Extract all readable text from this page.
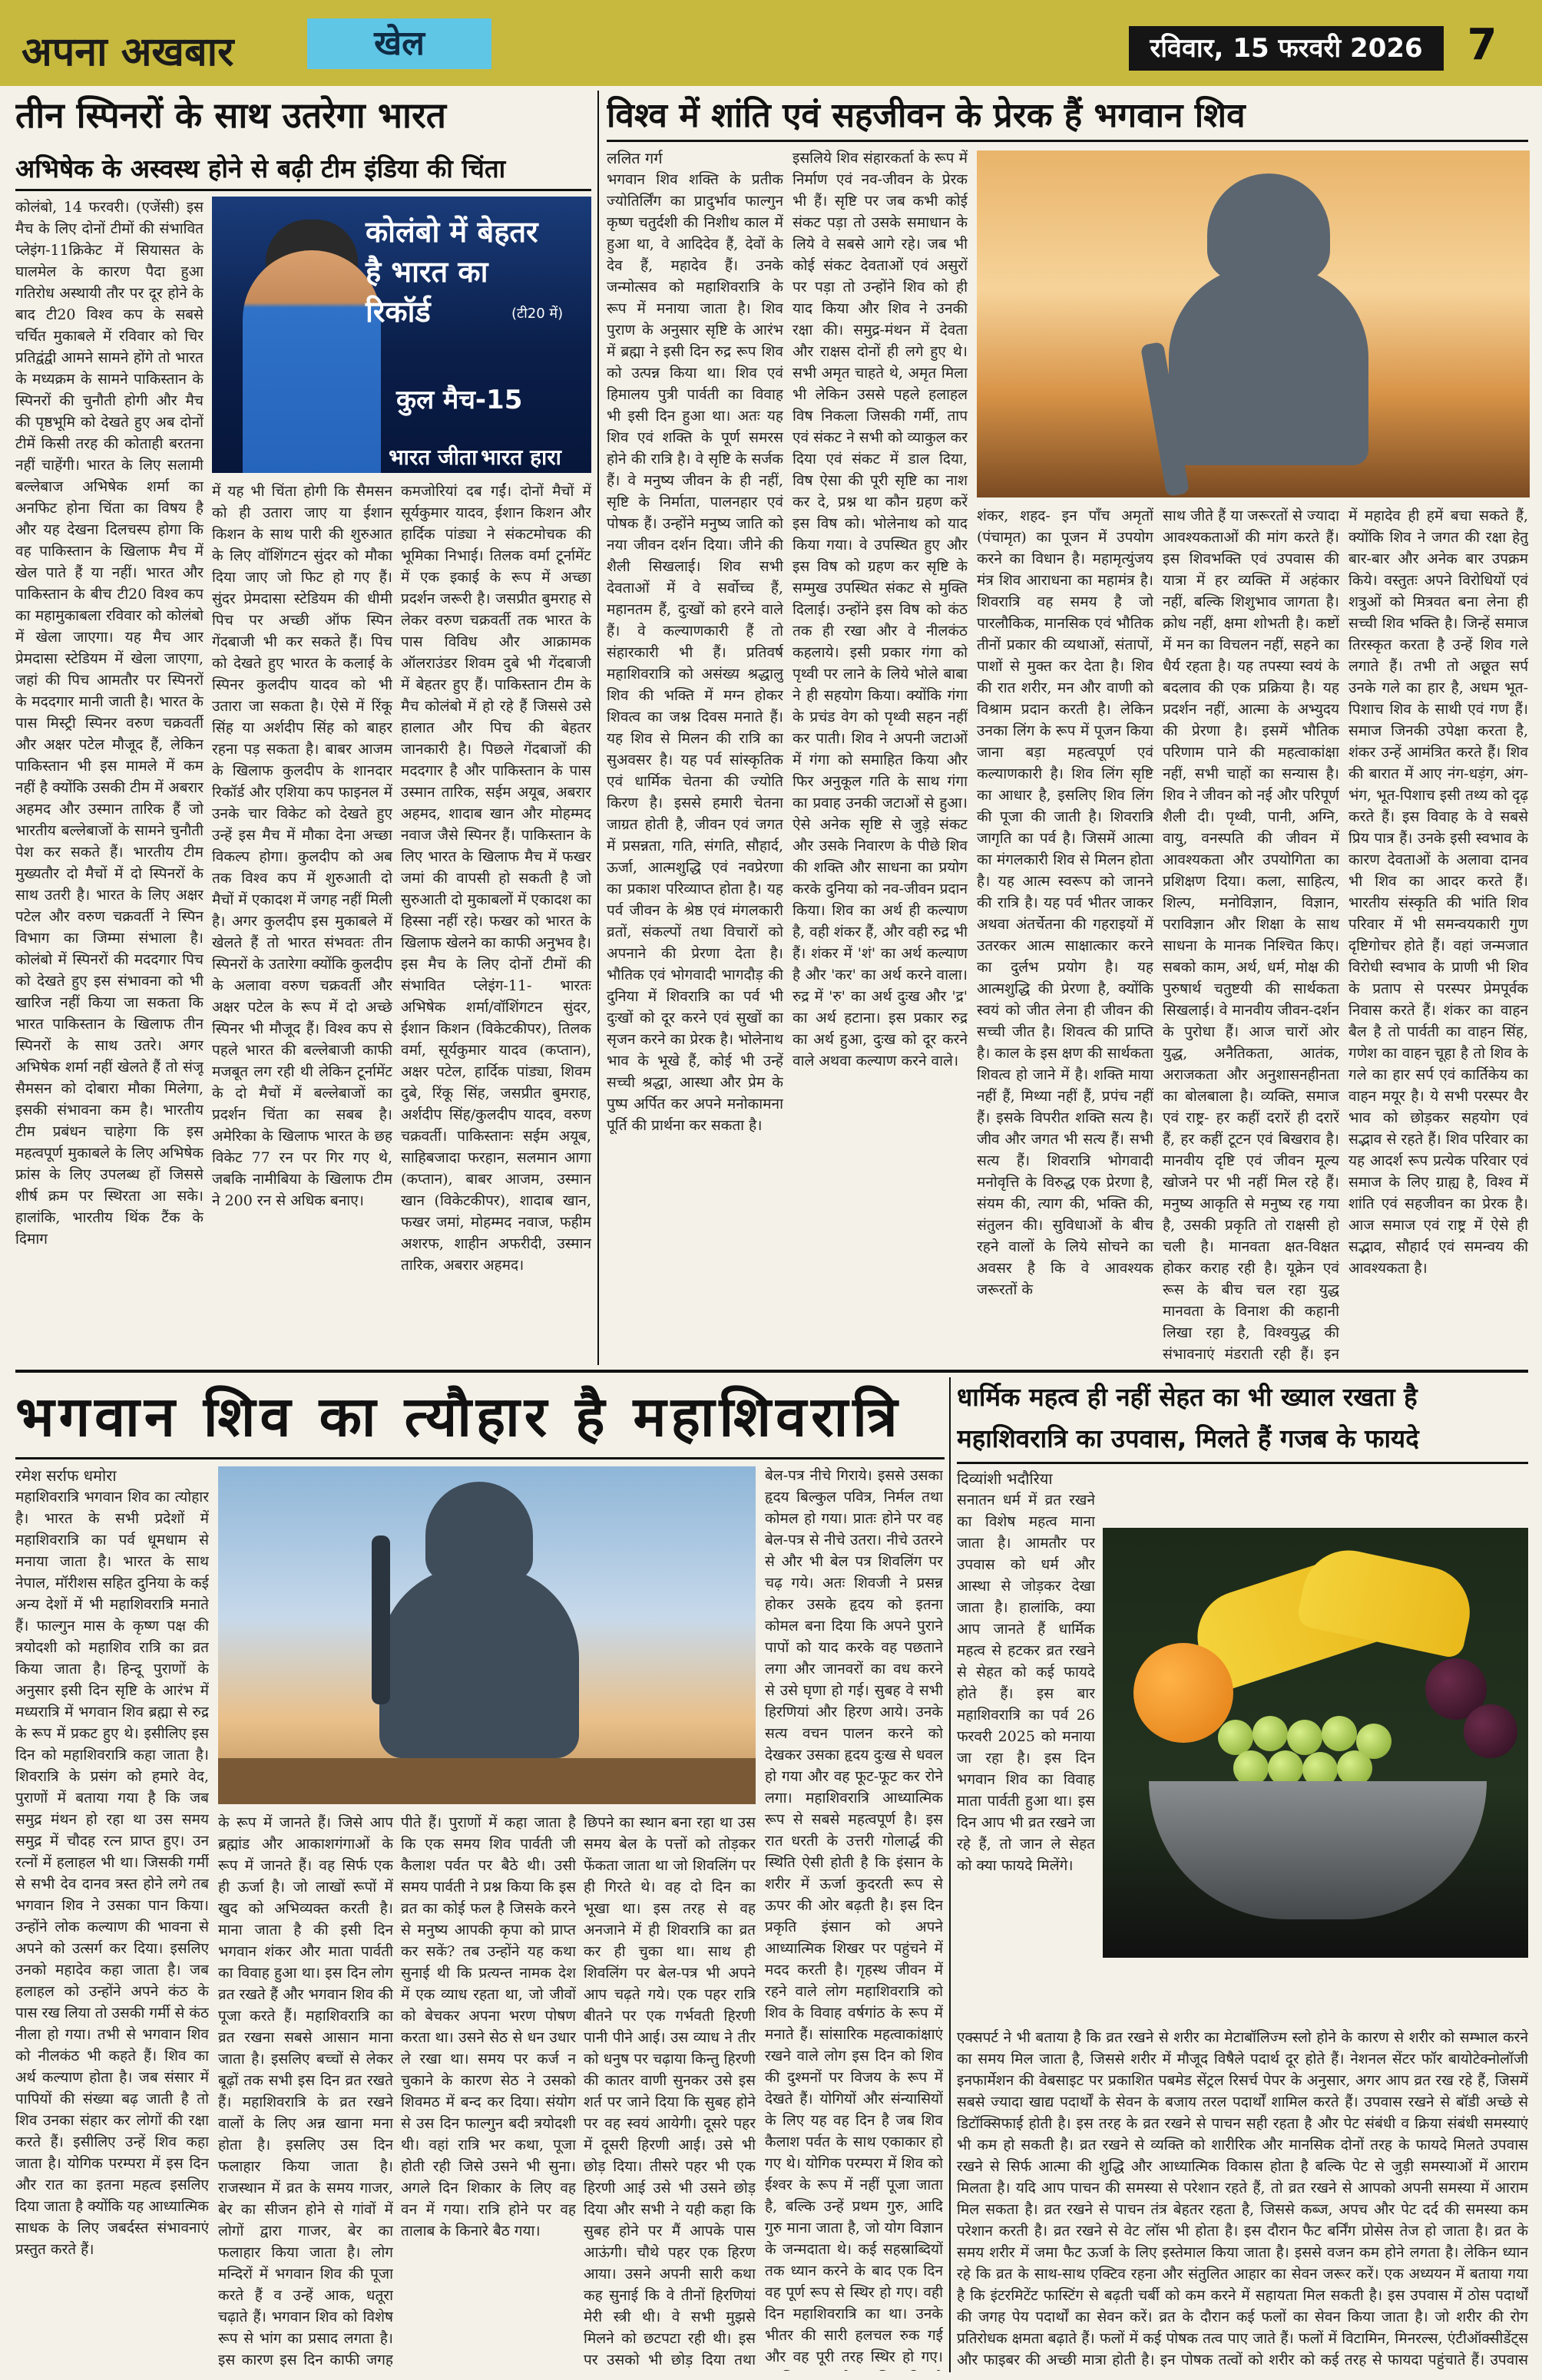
अपना अखबार	खेल	रविवार, 15 फरवरी 2026	7
तीन स्पिनरों के साथ उतरेगा भारत
अभिषेक के अस्वस्थ होने से बढ़ी टीम इंडिया की चिंता
कोलंबो, 14 फरवरी। (एजेंसी) इस मैच के लिए दोनों टीमों की संभावित प्लेइंग-11क्रिकेट में सियासत के घालमेल के कारण पैदा हुआ गतिरोध अस्थायी तौर पर दूर होने के बाद टी20 विश्व कप के सबसे चर्चित मुकाबले में रविवार को चिर प्रतिद्वंद्वी आमने सामने होंगे तो भारत के मध्यक्रम के सामने पाकिस्तान के स्पिनरों की चुनौती होगी और मैच की पृष्ठभूमि को देखते हुए अब दोनों टीमें किसी तरह की कोताही बरतना नहीं चाहेंगी। भारत के लिए सलामी बल्लेबाज अभिषेक शर्मा का अनफिट होना चिंता का विषय है और यह देखना दिलचस्प होगा कि वह पाकिस्तान के खिलाफ मैच में खेल पाते हैं या नहीं। भारत और पाकिस्तान के बीच टी20 विश्व कप का महामुकाबला रविवार को कोलंबो में खेला जाएगा। यह मैच आर प्रेमदासा स्टेडियम में खेला जाएगा, जहां की पिच आमतौर पर स्पिनरों के मददगार मानी जाती है। भारत के पास मिस्ट्री स्पिनर वरुण चक्रवर्ती और अक्षर पटेल मौजूद हैं, लेकिन पाकिस्तान भी इस मामले में कम नहीं है क्योंकि उसकी टीम में अबरार अहमद और उस्मान तारिक हैं जो भारतीय बल्लेबाजों के सामने चुनौती पेश कर सकते हैं। भारतीय टीम मुख्यतौर दो मैचों में दो स्पिनरों के साथ उतरी है। भारत के लिए अक्षर पटेल और वरुण चक्रवर्ती ने स्पिन विभाग का जिम्मा संभाला है। कोलंबो में स्पिनरों की मददगार पिच को देखते हुए इस संभावना को भी खारिज नहीं किया जा सकता कि भारत पाकिस्तान के खिलाफ तीन स्पिनरों के साथ उतरे। अगर अभिषेक शर्मा नहीं खेलते हैं तो संजू सैमसन को दोबारा मौका मिलेगा, इसकी संभावना कम है। भारतीय टीम प्रबंधन चाहेगा कि इस महत्वपूर्ण मुकाबले के लिए अभिषेक फ्रांस के लिए उपलब्ध हों जिससे शीर्ष क्रम पर स्थिरता आ सके। हालांकि, भारतीय थिंक टैंक के दिमाग
कोलंबो में बेहतर है भारत का रिकॉर्ड	(टी20 में)
कुल मैच-15
भारत जीता भारत हारा
में यह भी चिंता होगी कि सैमसन को ही उतारा जाए या ईशान किशन के साथ पारी की शुरुआत के लिए वॉशिंगटन सुंदर को मौका दिया जाए जो फिट हो गए हैं। सुंदर प्रेमदासा स्टेडियम की धीमी पिच पर अच्छी ऑफ स्पिन गेंदबाजी भी कर सकते हैं। पिच को देखते हुए भारत के कलाई के स्पिनर कुलदीप यादव को भी उतारा जा सकता है। ऐसे में रिंकू सिंह या अर्शदीप सिंह को बाहर रहना पड़ सकता है। बाबर आजम के खिलाफ कुलदीप के शानदार रिकॉर्ड और एशिया कप फाइनल में उनके चार विकेट को देखते हुए उन्हें इस मैच में मौका देना अच्छा विकल्प होगा। कुलदीप को अब तक विश्व कप में शुरुआती दो मैचों में एकादश में जगह नहीं मिली है। अगर कुलदीप इस मुकाबले में खेलते हैं तो भारत संभवतः तीन स्पिनरों के उतारेगा क्योंकि कुलदीप के अलावा वरुण चक्रवर्ती और अक्षर पटेल के रूप में दो अच्छे स्पिनर भी मौजूद हैं। विश्व कप से पहले भारत की बल्लेबाजी काफी मजबूत लग रही थी लेकिन टूर्नामेंट के दो मैचों में बल्लेबाजों का प्रदर्शन चिंता का सबब है। अमेरिका के खिलाफ भारत के छह विकेट 77 रन पर गिर गए थे, जबकि नामीबिया के खिलाफ टीम ने 200 रन से अधिक बनाए।
कमजोरियां दब गईं। दोनों मैचों में सूर्यकुमार यादव, ईशान किशन और हार्दिक पांड्या ने संकटमोचक की भूमिका निभाई। तिलक वर्मा टूर्नामेंट में एक इकाई के रूप में अच्छा प्रदर्शन जरूरी है। जसप्रीत बुमराह से लेकर वरुण चक्रवर्ती तक भारत के पास विविध और आक्रामक ऑलराउंडर शिवम दुबे भी गेंदबाजी में बेहतर हुए हैं। पाकिस्तान टीम के मैच कोलंबो में हो रहे हैं जिससे उसे हालात और पिच की बेहतर जानकारी है। पिछले गेंदबाजों की मददगार है और पाकिस्तान के पास उस्मान तारिक, सईम अयूब, अबरार अहमद, शादाब खान और मोहम्मद नवाज जैसे स्पिनर हैं। पाकिस्तान के लिए भारत के खिलाफ मैच में फखर जमां की वापसी हो सकती है जो सुरुआती दो मुकाबलों में एकादश का हिस्सा नहीं रहे। फखर को भारत के खिलाफ खेलने का काफी अनुभव है। इस मैच के लिए दोनों टीमों की संभावित प्लेइंग-11- भारतः अभिषेक शर्मा/वॉशिंगटन सुंदर, ईशान किशन (विकेटकीपर), तिलक वर्मा, सूर्यकुमार यादव (कप्तान), अक्षर पटेल, हार्दिक पांड्या, शिवम दुबे, रिंकू सिंह, जसप्रीत बुमराह, अर्शदीप सिंह/कुलदीप यादव, वरुण चक्रवर्ती। पाकिस्तानः सईम अयूब, साहिबजादा फरहान, सलमान आगा (कप्तान), बाबर आजम, उस्मान खान (विकेटकीपर), शादाब खान, फखर जमां, मोहम्मद नवाज, फहीम अशरफ, शाहीन अफरीदी, उस्मान तारिक, अबरार अहमद।
विश्व में शांति एवं सहजीवन के प्रेरक हैं भगवान शिव
ललित गर्ग
भगवान शिव शक्ति के प्रतीक ज्योतिर्लिंग का प्रादुर्भाव फाल्गुन कृष्ण चतुर्दशी की निशीथ काल में हुआ था, वे आदिदेव हैं, देवों के देव हैं, महादेव हैं। उनके जन्मोत्सव को महाशिवरात्रि के रूप में मनाया जाता है। शिव पुराण के अनुसार सृष्टि के आरंभ में ब्रह्मा ने इसी दिन रुद्र रूप शिव को उत्पन्न किया था। शिव एवं हिमालय पुत्री पार्वती का विवाह भी इसी दिन हुआ था। अतः यह शिव एवं शक्ति के पूर्ण समरस होने की रात्रि है। वे सृष्टि के सर्जक हैं। वे मनुष्य जीवन के ही नहीं, सृष्टि के निर्माता, पालनहार एवं पोषक हैं। उन्होंने मनुष्य जाति को नया जीवन दर्शन दिया। जीने की शैली सिखलाई। शिव सभी देवताओं में वे सर्वोच्च हैं, महानतम हैं, दुःखों को हरने वाले हैं। वे कल्याणकारी हैं तो संहारकारी भी हैं। प्रतिवर्ष महाशिवरात्रि को असंख्य श्रद्धालु शिव की भक्ति में मग्न होकर शिवत्व का जश्न दिवस मनाते हैं। यह शिव से मिलन की रात्रि का सुअवसर है। यह पर्व सांस्कृतिक एवं धार्मिक चेतना की ज्योति किरण है। इससे हमारी चेतना जाग्रत होती है, जीवन एवं जगत में प्रसन्नता, गति, संगति, सौहार्द, ऊर्जा, आत्मशुद्धि एवं नवप्रेरणा का प्रकाश परिव्याप्त होता है। यह पर्व जीवन के श्रेष्ठ एवं मंगलकारी व्रतों, संकल्पों तथा विचारों को अपनाने की प्रेरणा देता है। भौतिक एवं भोगवादी भागदौड़ की दुनिया में शिवरात्रि का पर्व भी दुःखों को दूर करने एवं सुखों का सृजन करने का प्रेरक है। भोलेनाथ भाव के भूखे हैं, कोई भी उन्हें सच्ची श्रद्धा, आस्था और प्रेम के पुष्प अर्पित कर अपने मनोकामना पूर्ति की प्रार्थना कर सकता है।
इसलिये शिव संहारकर्ता के रूप में निर्माण एवं नव-जीवन के प्रेरक भी हैं। सृष्टि पर जब कभी कोई संकट पड़ा तो उसके समाधान के लिये वे सबसे आगे रहे। जब भी कोई संकट देवताओं एवं असुरों पर पड़ा तो उन्होंने शिव को ही याद किया और शिव ने उनकी रक्षा की। समुद्र-मंथन में देवता और राक्षस दोनों ही लगे हुए थे। सभी अमृत चाहते थे, अमृत मिला भी लेकिन उससे पहले हलाहल विष निकला जिसकी गर्मी, ताप एवं संकट ने सभी को व्याकुल कर दिया एवं संकट में डाल दिया, विष ऐसा की पूरी सृष्टि का नाश कर दे, प्रश्न था कौन ग्रहण करें इस विष को। भोलेनाथ को याद किया गया। वे उपस्थित हुए और इस विष को ग्रहण कर सृष्टि के सम्मुख उपस्थित संकट से मुक्ति दिलाई। उन्होंने इस विष को कंठ तक ही रखा और वे नीलकंठ कहलाये। इसी प्रकार गंगा को पृथ्वी पर लाने के लिये भोले बाबा ने ही सहयोग किया। क्योंकि गंगा के प्रचंड वेग को पृथ्वी सहन नहीं कर पाती। शिव ने अपनी जटाओं में गंगा को समाहित किया और फिर अनुकूल गति के साथ गंगा का प्रवाह उनकी जटाओं से हुआ। ऐसे अनेक सृष्टि से जुड़े संकट और उसके निवारण के पीछे शिव की शक्ति और साधना का प्रयोग करके दुनिया को नव-जीवन प्रदान किया। शिव का अर्थ ही कल्याण है, वही शंकर हैं, और वही रुद्र भी हैं। शंकर में 'शं' का अर्थ कल्याण है और 'कर' का अर्थ करने वाला। रुद्र में 'रु' का अर्थ दुःख और 'द्र' का अर्थ हटाना। इस प्रकार रुद्र का अर्थ हुआ, दुःख को दूर करने वाले अथवा कल्याण करने वाले।
शंकर, शहद- इन पाँच अमृतों (पंचामृत) का पूजन में उपयोग करने का विधान है। महामृत्युंजय मंत्र शिव आराधना का महामंत्र है। शिवरात्रि वह समय है जो पारलौकिक, मानसिक एवं भौतिक तीनों प्रकार की व्यथाओं, संतापों, पाशों से मुक्त कर देता है। शिव की रात शरीर, मन और वाणी को विश्राम प्रदान करती है। लेकिन उनका लिंग के रूप में पूजन किया जाना बड़ा महत्वपूर्ण एवं कल्याणकारी है। शिव लिंग सृष्टि का आधार है, इसलिए शिव लिंग की पूजा की जाती है। शिवरात्रि जागृति का पर्व है। जिसमें आत्मा का मंगलकारी शिव से मिलन होता है। यह आत्म स्वरूप को जानने की रात्रि है। यह पर्व भीतर जाकर अथवा अंतर्चेतना की गहराइयों में उतरकर आत्म साक्षात्कार करने का दुर्लभ प्रयोग है। यह आत्मशुद्धि की प्रेरणा है, क्योंकि स्वयं को जीत लेना ही जीवन की सच्ची जीत है। शिवत्व की प्राप्ति है। काल के इस क्षण की सार्थकता शिवत्व हो जाने में है। शक्ति माया नहीं हैं, मिथ्या नहीं हैं, प्रपंच नहीं हैं। इसके विपरीत शक्ति सत्य है। जीव और जगत भी सत्य हैं। सभी सत्य हैं। शिवरात्रि भोगवादी मनोवृत्ति के विरुद्ध एक प्रेरणा है, संयम की, त्याग की, भक्ति की, संतुलन की। सुविधाओं के बीच रहने वालों के लिये सोचने का अवसर है कि वे आवश्यक जरूरतों के
साथ जीते हैं या जरूरतों से ज्यादा आवश्यकताओं की मांग करते हैं। इस शिवभक्ति एवं उपवास की यात्रा में हर व्यक्ति में अहंकार नहीं, बल्कि शिशुभाव जागता है। क्रोध नहीं, क्षमा शोभती है। कष्टों में मन का विचलन नहीं, सहने का धैर्य रहता है। यह तपस्या स्वयं के बदलाव की एक प्रक्रिया है। यह प्रदर्शन नहीं, आत्मा के अभ्युदय की प्रेरणा है। इसमें भौतिक परिणाम पाने की महत्वाकांक्षा नहीं, सभी चाहों का सन्यास है। शिव ने जीवन को नई और परिपूर्ण शैली दी। पृथ्वी, पानी, अग्नि, वायु, वनस्पति की जीवन में आवश्यकता और उपयोगिता का प्रशिक्षण दिया। कला, साहित्य, शिल्प, मनोविज्ञान, विज्ञान, पराविज्ञान और शिक्षा के साथ साधना के मानक निश्चित किए। सबको काम, अर्थ, धर्म, मोक्ष की पुरुषार्थ चतुष्टयी की सार्थकता सिखलाई। वे मानवीय जीवन-दर्शन के पुरोधा हैं। आज चारों ओर युद्ध, अनैतिकता, आतंक, अराजकता और अनुशासनहीनता का बोलबाला है। व्यक्ति, समाज एवं राष्ट्र- हर कहीं दरारें ही दरारें हैं, हर कहीं टूटन एवं बिखराव है। मानवीय दृष्टि एवं जीवन मूल्य खोजने पर भी नहीं मिल रहे हैं। मनुष्य आकृति से मनुष्य रह गया है, उसकी प्रकृति तो राक्षसी हो चली है। मानवता क्षत-विक्षत होकर कराह रही है। यूक्रेन एवं रूस के बीच चल रहा युद्ध मानवता के विनाश की कहानी लिखा रहा है, विश्वयुद्ध की संभावनाएं मंडराती रही हैं। इन
में महादेव ही हमें बचा सकते हैं, क्योंकि शिव ने जगत की रक्षा हेतु बार-बार और अनेक बार उपक्रम किये। वस्तुतः अपने विरोधियों एवं शत्रुओं को मित्रवत बना लेना ही सच्ची शिव भक्ति है। जिन्हें समाज तिरस्कृत करता है उन्हें शिव गले लगाते हैं। तभी तो अछूत सर्प उनके गले का हार है, अधम भूत-पिशाच शिव के साथी एवं गण हैं। समाज जिनकी उपेक्षा करता है, शंकर उन्हें आमंत्रित करते हैं। शिव की बारात में आए नंग-धड़ंग, अंग-भंग, भूत-पिशाच इसी तथ्य को दृढ़ करते हैं। इस विवाह के वे सबसे प्रिय पात्र हैं। उनके इसी स्वभाव के कारण देवताओं के अलावा दानव भी शिव का आदर करते हैं। भारतीय संस्कृति की भांति शिव परिवार में भी समन्वयकारी गुण दृष्टिगोचर होते हैं। वहां जन्मजात विरोधी स्वभाव के प्राणी भी शिव के प्रताप से परस्पर प्रेमपूर्वक निवास करते हैं। शंकर का वाहन बैल है तो पार्वती का वाहन सिंह, गणेश का वाहन चूहा है तो शिव के गले का हार सर्प एवं कार्तिकेय का वाहन मयूर है। ये सभी परस्पर वैर भाव को छोड़कर सहयोग एवं सद्भाव से रहते हैं। शिव परिवार का यह आदर्श रूप प्रत्येक परिवार एवं समाज के लिए ग्राह्य है, विश्व में शांति एवं सहजीवन का प्रेरक है। आज समाज एवं राष्ट्र में ऐसे ही सद्भाव, सौहार्द एवं समन्वय की आवश्यकता है।
भगवान शिव का त्यौहार है महाशिवरात्रि
रमेश सर्राफ धमोरा
महाशिवरात्रि भगवान शिव का त्योहार है। भारत के सभी प्रदेशों में महाशिवरात्रि का पर्व धूमधाम से मनाया जाता है। भारत के साथ नेपाल, मॉरीशस सहित दुनिया के कई अन्य देशों में भी महाशिवरात्रि मनाते हैं। फाल्गुन मास के कृष्ण पक्ष की त्रयोदशी को महाशिव रात्रि का व्रत किया जाता है। हिन्दू पुराणों के अनुसार इसी दिन सृष्टि के आरंभ में मध्यरात्रि में भगवान शिव ब्रह्मा से रुद्र के रूप में प्रकट हुए थे। इसीलिए इस दिन को महाशिवरात्रि कहा जाता है। शिवरात्रि के प्रसंग को हमारे वेद, पुराणों में बताया गया है कि जब समुद्र मंथन हो रहा था उस समय समुद्र में चौदह रत्न प्राप्त हुए। उन रत्नों में हलाहल भी था। जिसकी गर्मी से सभी देव दानव त्रस्त होने लगे तब भगवान शिव ने उसका पान किया। उन्होंने लोक कल्याण की भावना से अपने को उत्सर्ग कर दिया। इसलिए उनको महादेव कहा जाता है। जब हलाहल को उन्होंने अपने कंठ के पास रख लिया तो उसकी गर्मी से कंठ नीला हो गया। तभी से भगवान शिव को नीलकंठ भी कहते हैं। शिव का अर्थ कल्याण होता है। जब संसार में पापियों की संख्या बढ़ जाती है तो शिव उनका संहार कर लोगों की रक्षा करते हैं। इसीलिए उन्हें शिव कहा जाता है। योगिक परम्परा में इस दिन और रात का इतना महत्व इसलिए दिया जाता है क्योंकि यह आध्यात्मिक साधक के लिए जबर्दस्त संभावनाएं प्रस्तुत करते हैं।
के रूप में जानते हैं। जिसे आप ब्रह्मांड और आकाशगंगाओं के रूप में जानते हैं। वह सिर्फ एक ही ऊर्जा है। जो लाखों रूपों में खुद को अभिव्यक्त करती है। माना जाता है की इसी दिन भगवान शंकर और माता पार्वती का विवाह हुआ था। इस दिन लोग व्रत रखते हैं और भगवान शिव की पूजा करते हैं। महाशिवरात्रि का व्रत रखना सबसे आसान माना जाता है। इसलिए बच्चों से लेकर बूढ़ों तक सभी इस दिन व्रत रखते हैं। महाशिवरात्रि के व्रत रखने वालों के लिए अन्न खाना मना होता है। इसलिए उस दिन फलाहार किया जाता है। राजस्थान में व्रत के समय गाजर, बेर का सीजन होने से गांवों में लोगों द्वारा गाजर, बेर का फलाहार किया जाता है। लोग मन्दिरों में भगवान शिव की पूजा करते हैं व उन्हें आक, धतूरा चढ़ाते हैं। भगवान शिव को विशेष रूप से भांग का प्रसाद लगता है। इस कारण इस दिन काफी जगह
पीते हैं। पुराणों में कहा जाता है कि एक समय शिव पार्वती जी कैलाश पर्वत पर बैठे थी। उसी समय पार्वती ने प्रश्न किया कि इस व्रत का कोई फल है जिसके करने से मनुष्य आपकी कृपा को प्राप्त कर सकें? तब उन्होंने यह कथा सुनाई थी कि प्रत्यन्त नामक देश में एक व्याध रहता था, जो जीवों को बेचकर अपना भरण पोषण करता था। उसने सेठ से धन उधार ले रखा था। समय पर कर्ज न चुकाने के कारण सेठ ने उसको शिवमठ में बन्द कर दिया। संयोग से उस दिन फाल्गुन बदी त्रयोदशी थी। वहां रात्रि भर कथा, पूजा होती रही जिसे उसने भी सुना। अगले दिन शिकार के लिए वह वन में गया। रात्रि होने पर वह तालाब के किनारे बैठ गया।
छिपने का स्थान बना रहा था उस समय बेल के पत्तों को तोड़कर फेंकता जाता था जो शिवलिंग पर ही गिरते थे। वह दो दिन का भूखा था। इस तरह से वह अनजाने में ही शिवरात्रि का व्रत कर ही चुका था। साथ ही शिवलिंग पर बेल-पत्र भी अपने आप चढ़ते गये। एक पहर रात्रि बीतने पर एक गर्भवती हिरणी पानी पीने आई। उस व्याध ने तीर को धनुष पर चढ़ाया किन्तु हिरणी की कातर वाणी सुनकर उसे इस शर्त पर जाने दिया कि सुबह होने पर वह स्वयं आयेगी। दूसरे पहर में दूसरी हिरणी आई। उसे भी छोड़ दिया। तीसरे पहर भी एक हिरणी आई उसे भी उसने छोड़ दिया और सभी ने यही कहा कि सुबह होने पर मैं आपके पास आऊंगी। चौथे पहर एक हिरण आया। उसने अपनी सारी कथा कह सुनाई कि वे तीनों हिरणियां मेरी स्त्री थी। वे सभी मुझसे मिलने को छटपटा रही थी। इस पर उसको भी छोड़ दिया तथा
बेल-पत्र नीचे गिराये। इससे उसका हृदय बिल्कुल पवित्र, निर्मल तथा कोमल हो गया। प्रातः होने पर वह बेल-पत्र से नीचे उतरा। नीचे उतरने से और भी बेल पत्र शिवलिंग पर चढ़ गये। अतः शिवजी ने प्रसन्न होकर उसके हृदय को इतना कोमल बना दिया कि अपने पुराने पापों को याद करके वह पछताने लगा और जानवरों का वध करने से उसे घृणा हो गई। सुबह वे सभी हिरणियां और हिरण आये। उनके सत्य वचन पालन करने को देखकर उसका हृदय दुःख से धवल हो गया और वह फूट-फूट कर रोने लगा। महाशिवरात्रि आध्यात्मिक रूप से सबसे महत्वपूर्ण है। इस रात धरती के उत्तरी गोलार्द्ध की स्थिति ऐसी होती है कि इंसान के शरीर में ऊर्जा कुदरती रूप से ऊपर की ओर बढ़ती है। इस दिन प्रकृति इंसान को अपने आध्यात्मिक शिखर पर पहुंचने में मदद करती है। गृहस्थ जीवन में रहने वाले लोग महाशिवरात्रि को शिव के विवाह वर्षगांठ के रूप में मनाते हैं। सांसारिक महत्वाकांक्षाएं रखने वाले लोग इस दिन को शिव की दुश्मनों पर विजय के रूप में देखते हैं। योगियों और संन्यासियों के लिए यह वह दिन है जब शिव कैलाश पर्वत के साथ एकाकार हो गए थे। योगिक परम्परा में शिव को ईश्वर के रूप में नहीं पूजा जाता है, बल्कि उन्हें प्रथम गुरु, आदि गुरु माना जाता है, जो योग विज्ञान के जन्मदाता थे। कई सहस्राब्दियों तक ध्यान करने के बाद एक दिन वह पूर्ण रूप से स्थिर हो गए। वही दिन महाशिवरात्रि का था। उनके भीतर की सारी हलचल रुक गई और वह पूरी तरह स्थिर हो गए।
धार्मिक महत्व ही नहीं सेहत का भी ख्याल रखता है
महाशिवरात्रि का उपवास, मिलते हैं गजब के फायदे
दिव्यांशी भदौरिया
सनातन धर्म में व्रत रखने का विशेष महत्व माना जाता है। आमतौर पर उपवास को धर्म और आस्था से जोड़कर देखा जाता है। हालांकि, क्या आप जानते हैं धार्मिक महत्व से हटकर व्रत रखने से सेहत को कई फायदे होते हैं। इस बार महाशिवरात्रि का पर्व 26 फरवरी 2025 को मनाया जा रहा है। इस दिन भगवान शिव का विवाह माता पार्वती हुआ था। इस दिन आप भी व्रत रखने जा रहे हैं, तो जान ले सेहत को क्या फायदे मिलेंगे।
एक्सपर्ट ने भी बताया है कि व्रत रखने से शरीर का मेटाबॉलिज्म स्लो होने के कारण से शरीर को सम्भाल करने का समय मिल जाता है, जिससे शरीर में मौजूद विषैले पदार्थ दूर होते हैं। नेशनल सेंटर फॉर बायोटेक्नोलॉजी इनफार्मेशन की वेबसाइट पर प्रकाशित पबमेड सेंट्रल रिसर्च पेपर के अनुसार, अगर आप व्रत रख रहे हैं, जिसमें सबसे ज्यादा खाद्य पदार्थों के सेवन के बजाय तरल पदार्थों शामिल करते हैं। उपवास रखने से बॉडी अच्छे से डिटॉक्सिफाई होती है। इस तरह के व्रत रखने से पाचन सही रहता है और पेट संबंधी व क्रिया संबंधी समस्याएं भी कम हो सकती है। व्रत रखने से व्यक्ति को शारीरिक और मानसिक दोनों तरह के फायदे मिलते उपवास रखने से सिर्फ आत्मा की शुद्धि और आध्यात्मिक विकास होता है बल्कि पेट से जुड़ी समस्याओं में आराम मिलता है। यदि आप पाचन की समस्या से परेशान रहते हैं, तो व्रत रखने से आपको अपनी समस्या में आराम मिल सकता है। व्रत रखने से पाचन तंत्र बेहतर रहता है, जिससे कब्ज, अपच और पेट दर्द की समस्या कम परेशान करती है। व्रत रखने से वेट लॉस भी होता है। इस दौरान फैट बर्निंग प्रोसेस तेज हो जाता है। व्रत के समय शरीर में जमा फैट ऊर्जा के लिए इस्तेमाल किया जाता है। इससे वजन कम होने लगता है। लेकिन ध्यान रहे कि व्रत के साथ-साथ एक्टिव रहना और संतुलित आहार का सेवन जरूर करें। एक अध्ययन में बताया गया है कि इंटरमिटेंट फास्टिंग से बढ़ती चर्बी को कम करने में सहायता मिल सकती है। इस उपवास में ठोस पदार्थों की जगह पेय पदार्थों का सेवन करें। व्रत के दौरान कई फलों का सेवन किया जाता है। जो शरीर की रोग प्रतिरोधक क्षमता बढ़ाते हैं। फलों में कई पोषक तत्व पाए जाते हैं। फलों में विटामिन, मिनरल्स, एंटीऑक्सीडेंट्स और फाइबर की अच्छी मात्रा होती है। इन पोषक तत्वों को शरीर को कई तरह से फायदा पहुंचाते हैं। उपवास
